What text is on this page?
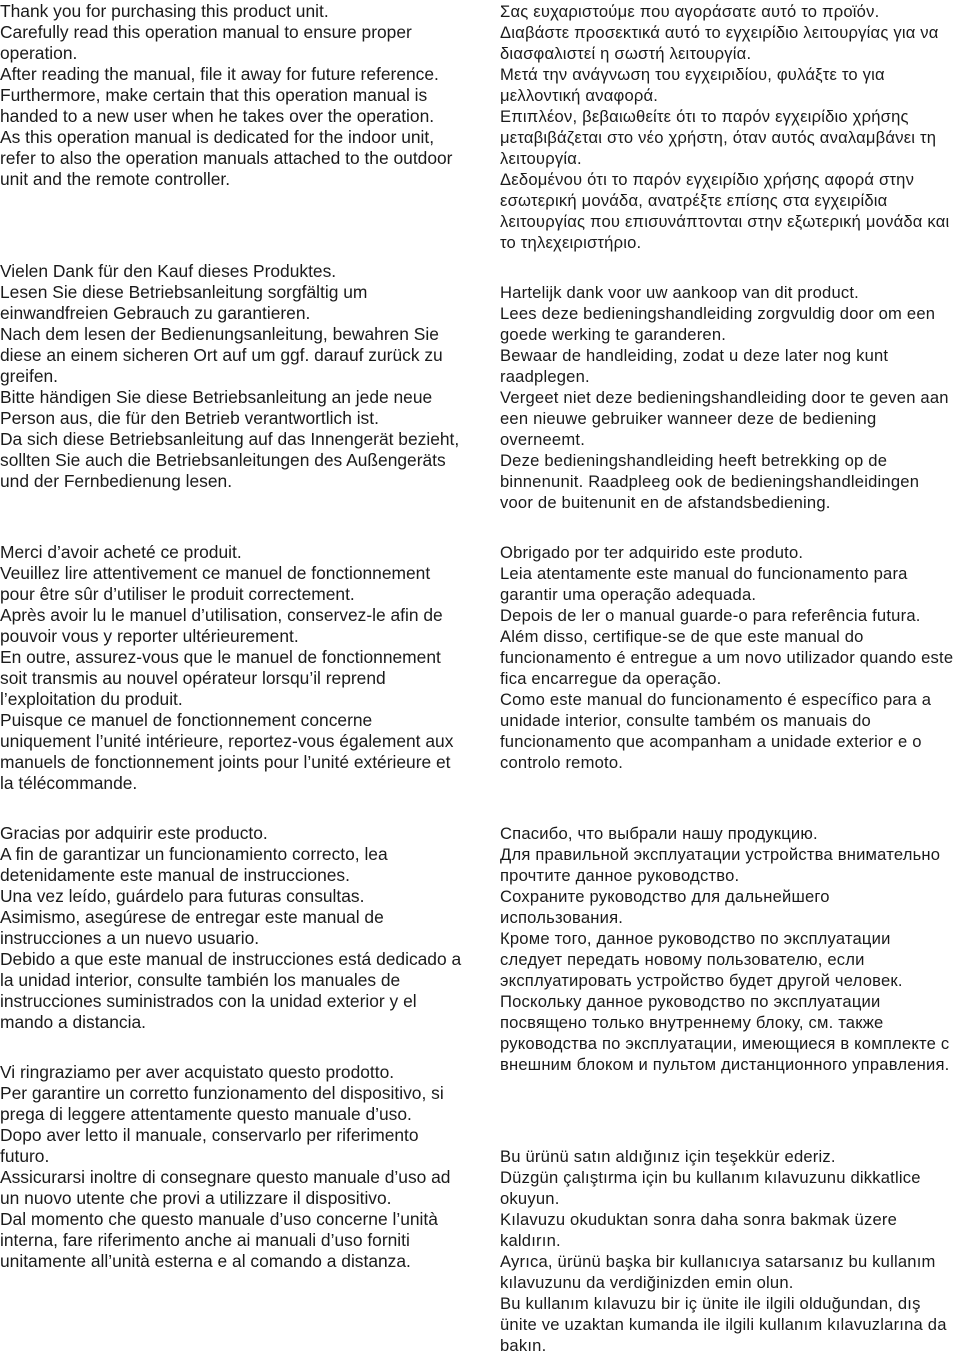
Thank you for purchasing this product unit.

Carefully read this operation manual to ensure proper operation.

After reading the manual, file it away for future reference.

Furthermore, make certain that this operation manual is handed to a new user when he takes over the operation.

As this operation manual is dedicated for the indoor unit, refer to also the operation manuals attached to the outdoor unit and the remote controller.

Vielen Dank für den Kauf dieses Produktes.

Lesen Sie diese Betriebsanleitung sorgfältig um einwandfreien Gebrauch zu garantieren.

Nach dem lesen der Bedienungsanleitung, bewahren Sie diese an einem sicheren Ort auf um ggf. darauf zurück zu greifen.

Bitte händigen Sie diese Betriebsanleitung an jede neue Person aus, die für den Betrieb verantwortlich ist.

Da sich diese Betriebsanleitung auf das Innengerät bezieht, sollten Sie auch die Betriebsanleitungen des Außengeräts und der Fernbedienung lesen.

Merci d’avoir acheté ce produit.

Veuillez lire attentivement ce manuel de fonctionnement pour être sûr d’utiliser le produit correctement.

Après avoir lu le manuel d’utilisation, conservez-le afin de pouvoir vous y reporter ultérieurement.

En outre, assurez-vous que le manuel de fonctionnement soit transmis au nouvel opérateur lorsqu’il reprend l’exploitation du produit.

Puisque ce manuel de fonctionnement concerne uniquement l’unité intérieure, reportez-vous également aux manuels de fonctionnement joints pour l’unité extérieure et la télécommande.

Gracias por adquirir este producto.

A fin de garantizar un funcionamiento correcto, lea detenidamente este manual de instrucciones.

Una vez leído, guárdelo para futuras consultas.

Asimismo, asegúrese de entregar este manual de instrucciones a un nuevo usuario.

Debido a que este manual de instrucciones está dedicado a la unidad interior, consulte también los manuales de instrucciones suministrados con la unidad exterior y el mando a distancia.

Vi ringraziamo per aver acquistato questo prodotto.

Per garantire un corretto funzionamento del dispositivo, si prega di leggere attentamente questo manuale d’uso.

Dopo aver letto il manuale, conservarlo per riferimento futuro.

Assicurarsi inoltre di consegnare questo manuale d’uso ad un nuovo utente che provi a utilizzare il dispositivo.

Dal momento che questo manuale d’uso concerne l’unità interna, fare riferimento anche ai manuali d’uso forniti unitamente all’unità esterna e al comando a distanza.

Σας ευχαριστούμε που αγοράσατε αυτό το προϊόν.

Διαβάστε προσεκτικά αυτό το εγχειρίδιο λειτουργίας για να διασφαλιστεί η σωστή λειτουργία.

Μετά την ανάγνωση του εγχειριδίου, φυλάξτε το για μελλοντική αναφορά.

Επιπλέον, βεβαιωθείτε ότι το παρόν εγχειρίδιο χρήσης μεταβιβάζεται στο νέο χρήστη, όταν αυτός αναλαμβάνει τη λειτουργία.

Δεδομένου ότι το παρόν εγχειρίδιο χρήσης αφορά στην εσωτερική μονάδα, ανατρέξτε επίσης στα εγχειρίδια λειτουργίας που επισυνάπτονται στην εξωτερική μονάδα και το τηλεχειριστήριο.

Hartelijk dank voor uw aankoop van dit product.

Lees deze bedieningshandleiding zorgvuldig door om een goede werking te garanderen.

Bewaar de handleiding, zodat u deze later nog kunt raadplegen.

Vergeet niet deze bedieningshandleiding door te geven aan een nieuwe gebruiker wanneer deze de bediening overneemt.

Deze bedieningshandleiding heeft betrekking op de binnenunit. Raadpleeg ook de bedieningshandleidingen voor de buitenunit en de afstandsbediening.

Obrigado por ter adquirido este produto.

Leia atentamente este manual do funcionamento para garantir uma operação adequada.

Depois de ler o manual guarde-o para referência futura.

Além disso, certifique-se de que este manual do funcionamento é entregue a um novo utilizador quando este fica encarregue da operação.

Como este manual do funcionamento é específico para a unidade interior, consulte também os manuais do funcionamento que acompanham a unidade exterior e o controlo remoto.

Спасибо, что выбрали нашу продукцию.

Для правильной эксплуатации устройства внимательно прочтите данное руководство.

Сохраните руководство для дальнейшего использования.

Кроме того, данное руководство по эксплуатации следует передать новому пользователю, если эксплуатировать устройство будет другой человек.

Поскольку данное руководство по эксплуатации посвящено только внутреннему блоку, см. также руководства по эксплуатации, имеющиеся в комплекте с внешним блоком и пультом дистанционного управления.

Bu ürünü satın aldığınız için teşekkür ederiz.

Düzgün çalıştırma için bu kullanım kılavuzunu dikkatlice okuyun.

Kılavuzu okuduktan sonra daha sonra bakmak üzere kaldırın.

Ayrıca, ürünü başka bir kullanıcıya satarsanız bu kullanım kılavuzunu da verdiğinizden emin olun.

Bu kullanım kılavuzu bir iç ünite ile ilgili olduğundan, dış ünite ve uzaktan kumanda ile ilgili kullanım kılavuzlarına da bakın.
